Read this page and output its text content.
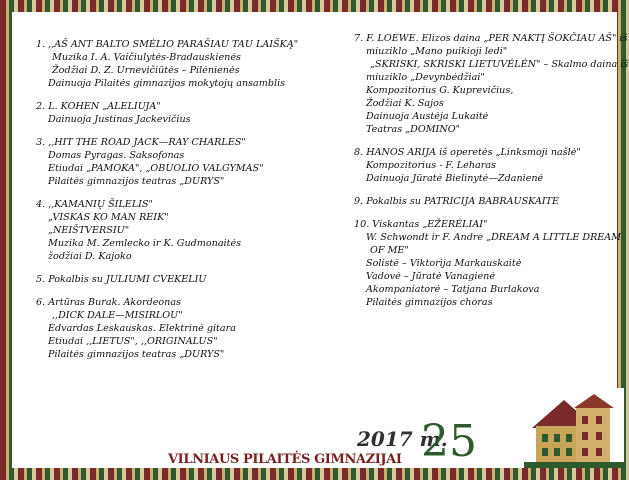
1. ,,AŠ ANT BALTO SMĖLIO PARAŠIAU TAU LAIŠKĄ"
Muzika I. A. Vaičiulytės-Bradauskienės
Žodžiai D. Z. Urnevičiūtės – Pilėnienės
Dainuoja Pilaitės gimnazijos mokytojų ansamblis
2. L. KOHEN „ALELIUJA"
Dainuoja Justinas Jackevičius
3. ,,HIT THE ROAD JACK—RAY CHARLES"
Domas Pyragas. Saksofonas
Etiudai „PAMOKA", „OBUOLIO VALGYMAS"
Pilaitės gimnazijos teatras „DURYS"
4. ,,KAMANIŲ ŠILELIS"
„VISKAS KO MAN REIK"
„NEIŠTVERSIU"
Muzika M. Zemlecko ir K. Gudmonaitės
žodžiai D. Kajoko
5. Pokalbis su JULIUMI CVEKELIU
6. Artūras Burak. Akordeonas
,,DICK DALE—MISIRLOU"
Edvardas Leskauskas. Elektrinė gitara
Etiudai ,,LIETUS", ,,ORIGINALUS"
Pilaitės gimnazijos teatras „DURYS"
7. F. LOEWE. Elizos daina „PER NAKTĮ ŠOKČIAU AŠ" iš
miuziklo „Mano puikioji ledi"
„SKRISKI, SKRISKI LIETUVĖLĖN" – Skalmo daina iš
miuziklo „Devynbėdžiai"
Kompozitorius G. Kuprevičius,
Žodžiai K. Sajos
Dainuoja Austėja Lukaitė
Teatras „DOMINO"
8. HANOS ARIJA iš operetės „Linksmoji našlė"
Kompozitorius - F. Leharas
Dainuoja Jūratė Bielinytė—Zdanienė
9. Pokalbis su PATRICIJA BABRAUSKAITE
10. Viskantas „EŽERĖLIAI"
W. Schwondt ir F. Andre „DREAM A LITTLE DREAM
OF ME"
Solistė – Viktorija Markauskaitė
Vadovė – Jūratė Vanagienė
Akompaniatorė – Tatjana Burlakova
Pilaitės gimnazijos choras
VILNIAUS PILAITĖS GIMNAZIJAI
2017 m.
25
